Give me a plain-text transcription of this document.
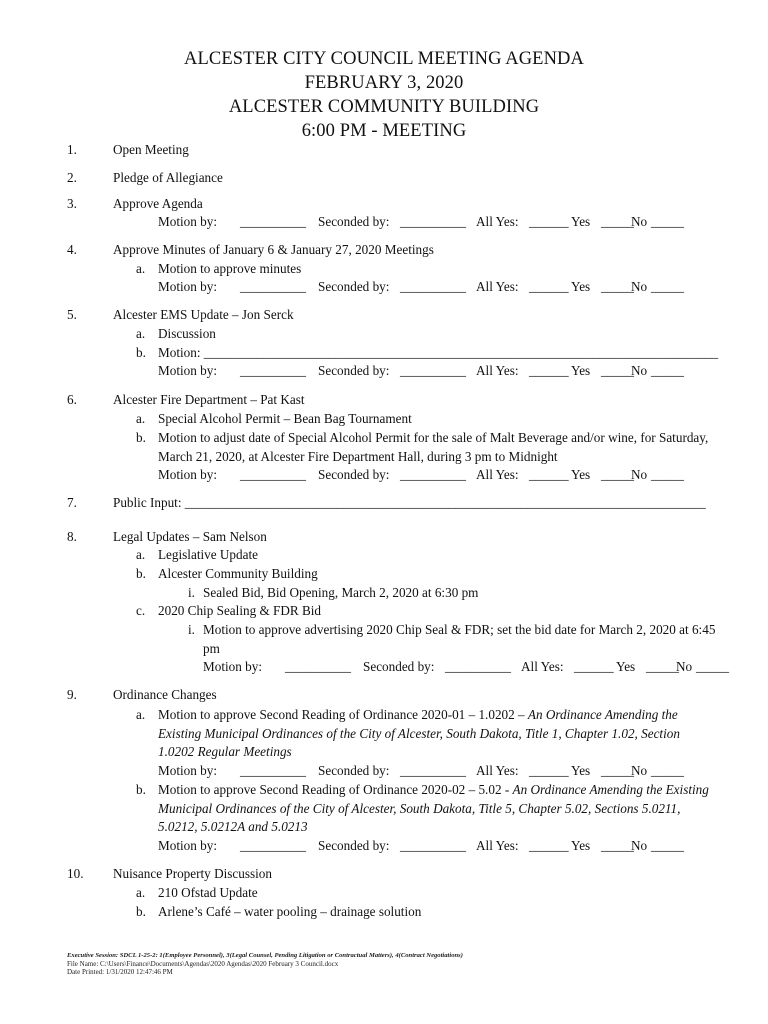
ALCESTER CITY COUNCIL MEETING AGENDA
FEBRUARY 3, 2020
ALCESTER COMMUNITY BUILDING
6:00 PM - MEETING
1.	Open Meeting
2.	Pledge of Allegiance
3.	Approve Agenda
Motion by: __________ Seconded by: __________ All Yes: ______ Yes _____No _____
4.	Approve Minutes of January 6 & January 27, 2020 Meetings
a. Motion to approve minutes
Motion by: __________ Seconded by: __________ All Yes: ______ Yes _____No _____
5.	Alcester EMS Update – Jon Serck
a. Discussion
b. Motion: ______________________________________________________________________________
Motion by: __________ Seconded by: __________ All Yes: ______ Yes _____No _____
6.	Alcester Fire Department – Pat Kast
a. Special Alcohol Permit – Bean Bag Tournament
b. Motion to adjust date of Special Alcohol Permit for the sale of Malt Beverage and/or wine, for Saturday,
March 21, 2020, at Alcester Fire Department Hall, during 3 pm to Midnight
Motion by: __________ Seconded by: __________ All Yes: ______ Yes _____No _____
7.	Public Input: _______________________________________________________________________________
8.	Legal Updates – Sam Nelson
a. Legislative Update
b. Alcester Community Building
i. Sealed Bid, Bid Opening, March 2, 2020 at 6:30 pm
c. 2020 Chip Sealing & FDR Bid
i. Motion to approve advertising 2020 Chip Seal & FDR; set the bid date for March 2, 2020 at 6:45
pm
Motion by: __________ Seconded by: __________ All Yes: ______ Yes _____No _____
9.	Ordinance Changes
a. Motion to approve Second Reading of Ordinance 2020-01 – 1.0202 – An Ordinance Amending the
Existing Municipal Ordinances of the City of Alcester, South Dakota, Title 1, Chapter 1.02, Section
1.0202 Regular Meetings
Motion by: __________ Seconded by: __________ All Yes: ______ Yes _____No _____
b. Motion to approve Second Reading of Ordinance 2020-02 – 5.02 - An Ordinance Amending the Existing
Municipal Ordinances of the City of Alcester, South Dakota, Title 5, Chapter 5.02, Sections 5.0211,
5.0212, 5.0212A and 5.0213
Motion by: __________ Seconded by: __________ All Yes: ______ Yes _____No _____
10. Nuisance Property Discussion
a. 210 Ofstad Update
b. Arlene’s Café – water pooling – drainage solution
Executive Session: SDCL 1-25-2: 1(Employee Personnel), 3(Legal Counsel, Pending Litigation or Contractual Matters), 4(Contract Negotiations)
File Name: C:\Users\Finance\Documents\Agendas\2020 Agendas\2020 February 3 Council.docx
Date Printed: 1/31/2020 12:47:46 PM
